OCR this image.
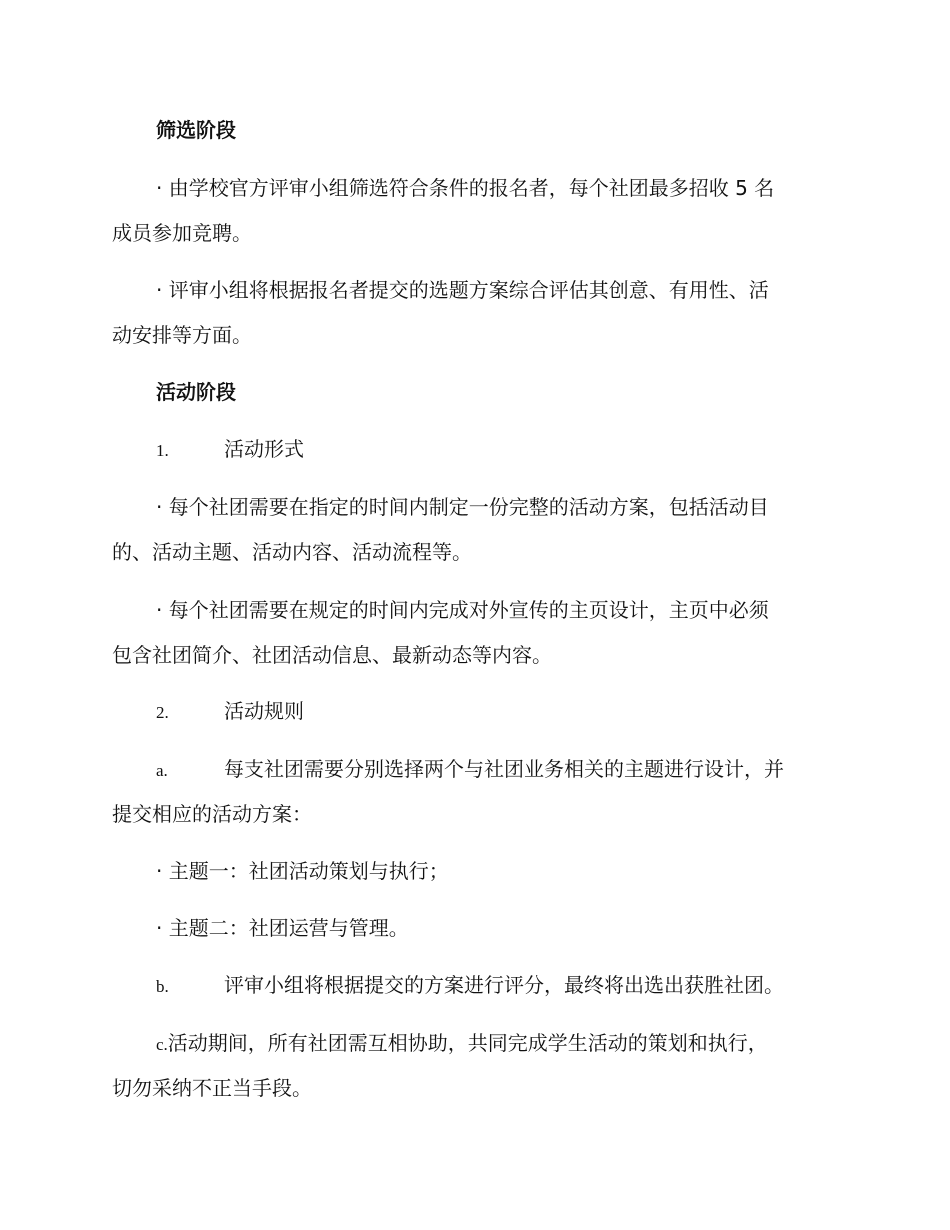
筛选阶段
· 由学校官方评审小组筛选符合条件的报名者，每个社团最多招收 5 名
成员参加竞聘。
· 评审小组将根据报名者提交的选题方案综合评估其创意、有用性、活
动安排等方面。
活动阶段
1.	活动形式
· 每个社团需要在指定的时间内制定一份完整的活动方案，包括活动目
的、活动主题、活动内容、活动流程等。
· 每个社团需要在规定的时间内完成对外宣传的主页设计，主页中必须
包含社团简介、社团活动信息、最新动态等内容。
2.	活动规则
a.	每支社团需要分别选择两个与社团业务相关的主题进行设计，并
提交相应的活动方案：
· 主题一：社团活动策划与执行；
· 主题二：社团运营与管理。
b.	评审小组将根据提交的方案进行评分，最终将出选出获胜社团。
c.活动期间，所有社团需互相协助，共同完成学生活动的策划和执行，
切勿采纳不正当手段。
